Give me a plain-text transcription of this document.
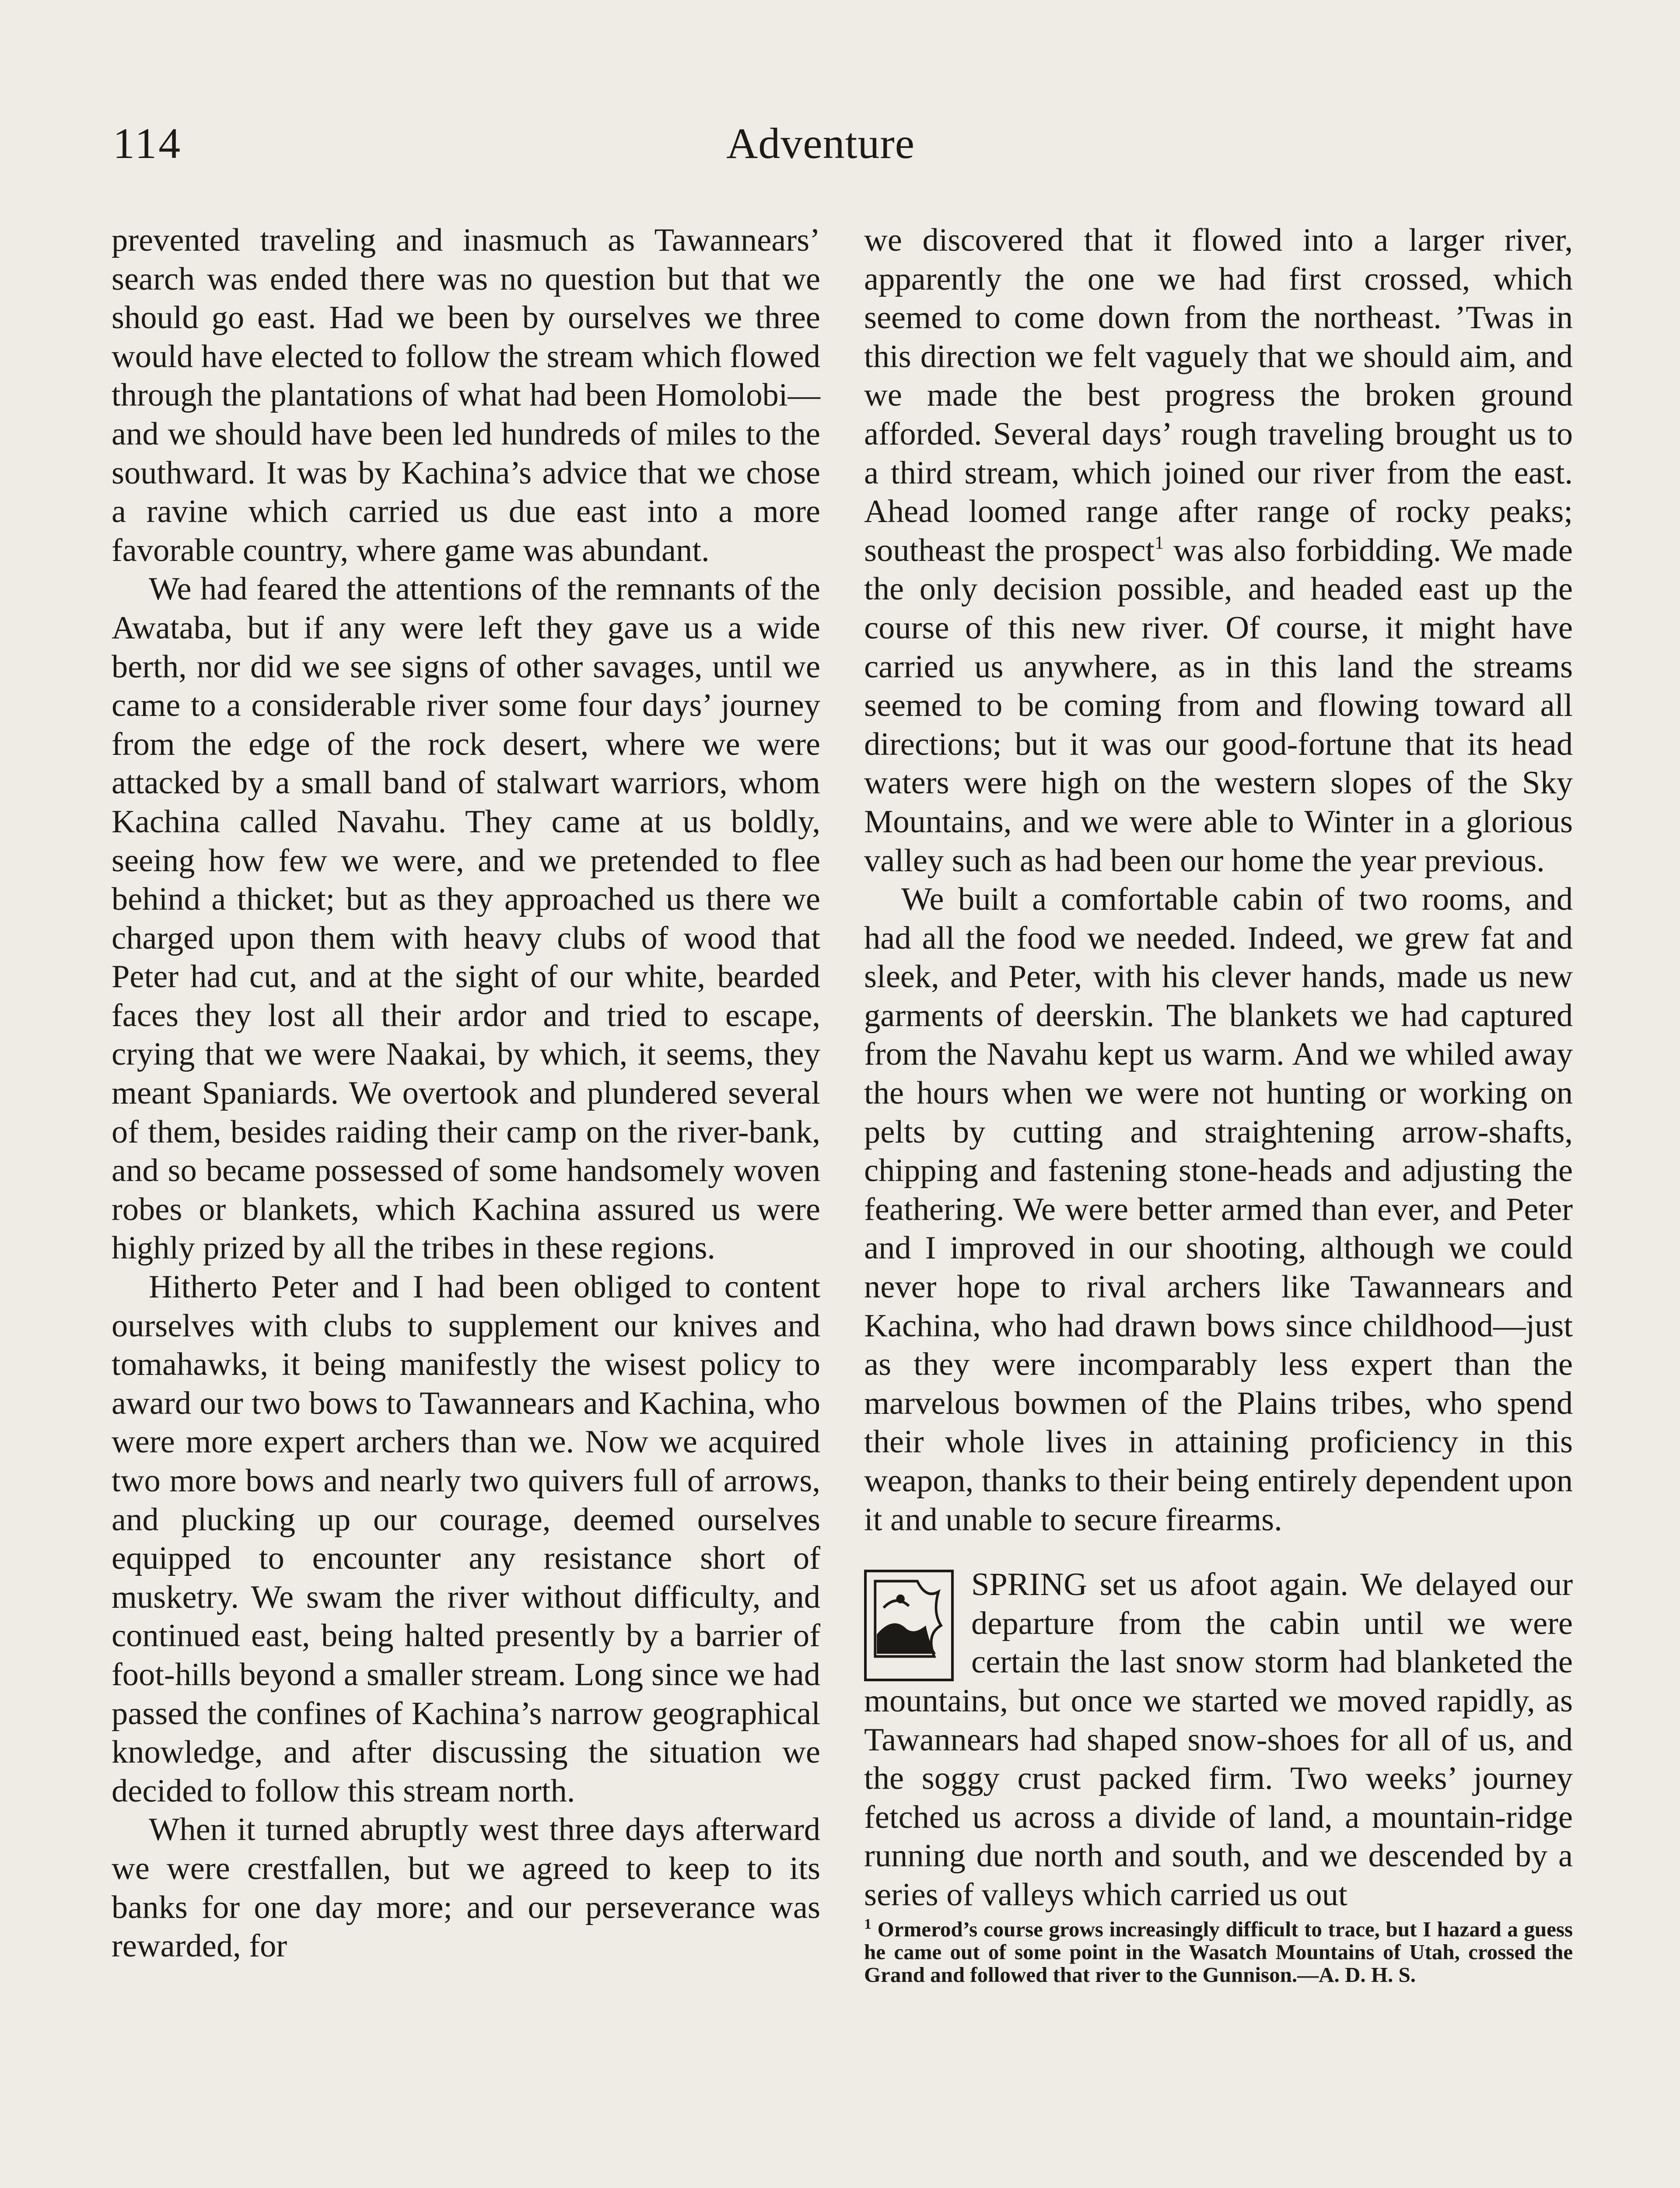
114	Adventure

prevented traveling and inasmuch as Tawannears’ search was ended there was no question but that we should go east. Had we been by ourselves we three would have elected to follow the stream which flowed through the plantations of what had been Homolobi—and we should have been led hundreds of miles to the southward. It was by Kachina’s advice that we chose a ravine which carried us due east into a more favorable country, where game was abundant.

We had feared the attentions of the remnants of the Awataba, but if any were left they gave us a wide berth, nor did we see signs of other savages, until we came to a considerable river some four days’ journey from the edge of the rock desert, where we were attacked by a small band of stalwart warriors, whom Kachina called Navahu. They came at us boldly, seeing how few we were, and we pretended to flee behind a thicket; but as they approached us there we charged upon them with heavy clubs of wood that Peter had cut, and at the sight of our white, bearded faces they lost all their ardor and tried to escape, crying that we were Naakai, by which, it seems, they meant Spaniards. We overtook and plundered several of them, besides raiding their camp on the river-bank, and so became possessed of some handsomely woven robes or blankets, which Kachina assured us were highly prized by all the tribes in these regions.

Hitherto Peter and I had been obliged to content ourselves with clubs to supplement our knives and tomahawks, it being manifestly the wisest policy to award our two bows to Tawannears and Kachina, who were more expert archers than we. Now we acquired two more bows and nearly two quivers full of arrows, and plucking up our courage, deemed ourselves equipped to encounter any resistance short of musketry. We swam the river without difficulty, and continued east, being halted presently by a barrier of foot-hills beyond a smaller stream. Long since we had passed the confines of Kachina’s narrow geographical knowledge, and after discussing the situation we decided to follow this stream north.

When it turned abruptly west three days afterward we were crestfallen, but we agreed to keep to its banks for one day more; and our perseverance was rewarded, for

we discovered that it flowed into a larger river, apparently the one we had first crossed, which seemed to come down from the northeast. ’Twas in this direction we felt vaguely that we should aim, and we made the best progress the broken ground afforded. Several days’ rough traveling brought us to a third stream, which joined our river from the east. Ahead loomed range after range of rocky peaks; southeast the prospect$^1$ was also forbidding. We made the only decision possible, and headed east up the course of this new river. Of course, it might have carried us anywhere, as in this land the streams seemed to be coming from and flowing toward all directions; but it was our good-fortune that its head waters were high on the western slopes of the Sky Mountains, and we were able to Winter in a glorious valley such as had been our home the year previous.

We built a comfortable cabin of two rooms, and had all the food we needed. Indeed, we grew fat and sleek, and Peter, with his clever hands, made us new garments of deerskin. The blankets we had captured from the Navahu kept us warm. And we whiled away the hours when we were not hunting or working on pelts by cutting and straightening arrow-shafts, chipping and fastening stone-heads and adjusting the feathering. We were better armed than ever, and Peter and I improved in our shooting, although we could never hope to rival archers like Tawannears and Kachina, who had drawn bows since childhood—just as they were incomparably less expert than the marvelous bowmen of the Plains tribes, who spend their whole lives in attaining proficiency in this weapon, thanks to their being entirely dependent upon it and unable to secure firearms.

SPRING set us afoot again. We delayed our departure from the cabin until we were certain the last snow storm had blanketed the mountains, but once we started we moved rapidly, as Tawannears had shaped snow-shoes for all of us, and the soggy crust packed firm. Two weeks’ journey fetched us across a divide of land, a mountain-ridge running due north and south, and we descended by a series of valleys which carried us out

$^1$ Ormerod’s course grows increasingly difficult to trace, but I hazard a guess he came out of some point in the Wasatch Mountains of Utah, crossed the Grand and followed that river to the Gunnison.—A. D. H. S.
